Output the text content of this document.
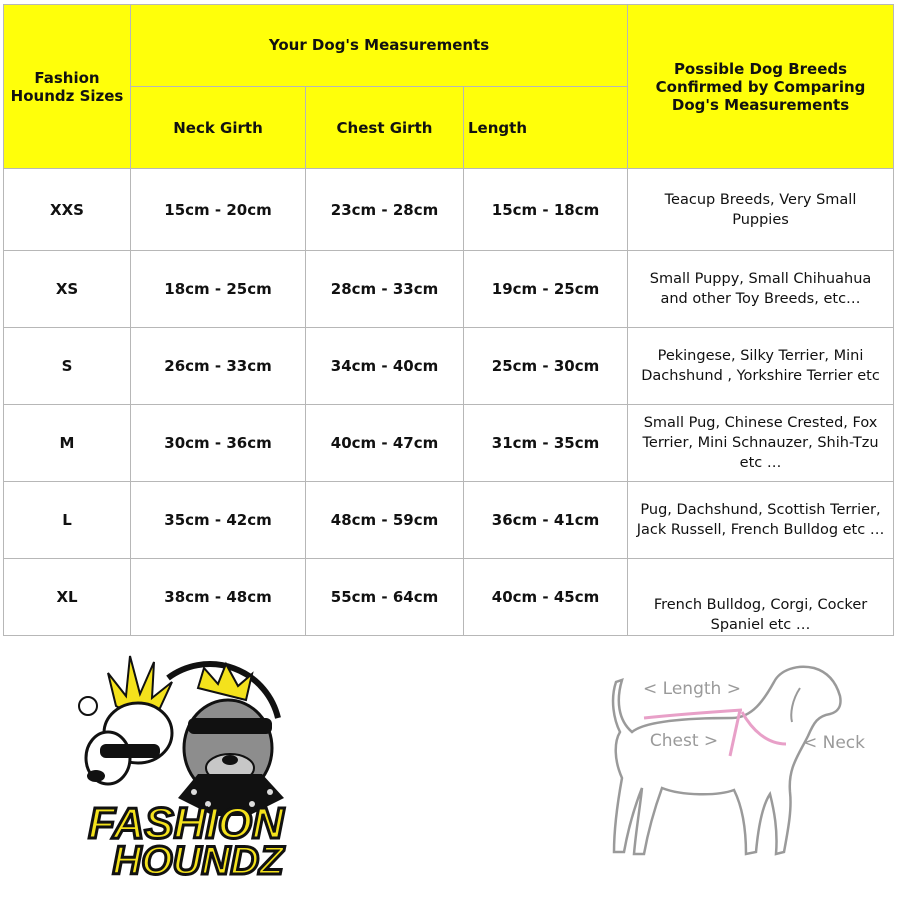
Fashion Houndz Sizes	Your Dog's Measurements			Possible Dog Breeds Confirmed by Comparing Dog's Measurements
	Neck Girth	Chest Girth	Length	
XXS	15cm - 20cm	23cm - 28cm	15cm - 18cm	Teacup Breeds, Very Small Puppies
XS	18cm - 25cm	28cm - 33cm	19cm - 25cm	Small Puppy, Small Chihuahua and other Toy Breeds, etc…
S	26cm - 33cm	34cm - 40cm	25cm - 30cm	Pekingese, Silky Terrier, Mini Dachshund , Yorkshire Terrier etc
M	30cm - 36cm	40cm - 47cm	31cm - 35cm	Small Pug, Chinese Crested, Fox Terrier, Mini Schnauzer, Shih-Tzu etc …
L	35cm - 42cm	48cm - 59cm	36cm - 41cm	Pug, Dachshund, Scottish Terrier, Jack Russell, French Bulldog etc …
XL	38cm - 48cm	55cm - 64cm	40cm - 45cm	French Bulldog, Corgi, Cocker Spaniel etc …
FASHION
HOUNDZ
< Length >
Chest >	< Neck
